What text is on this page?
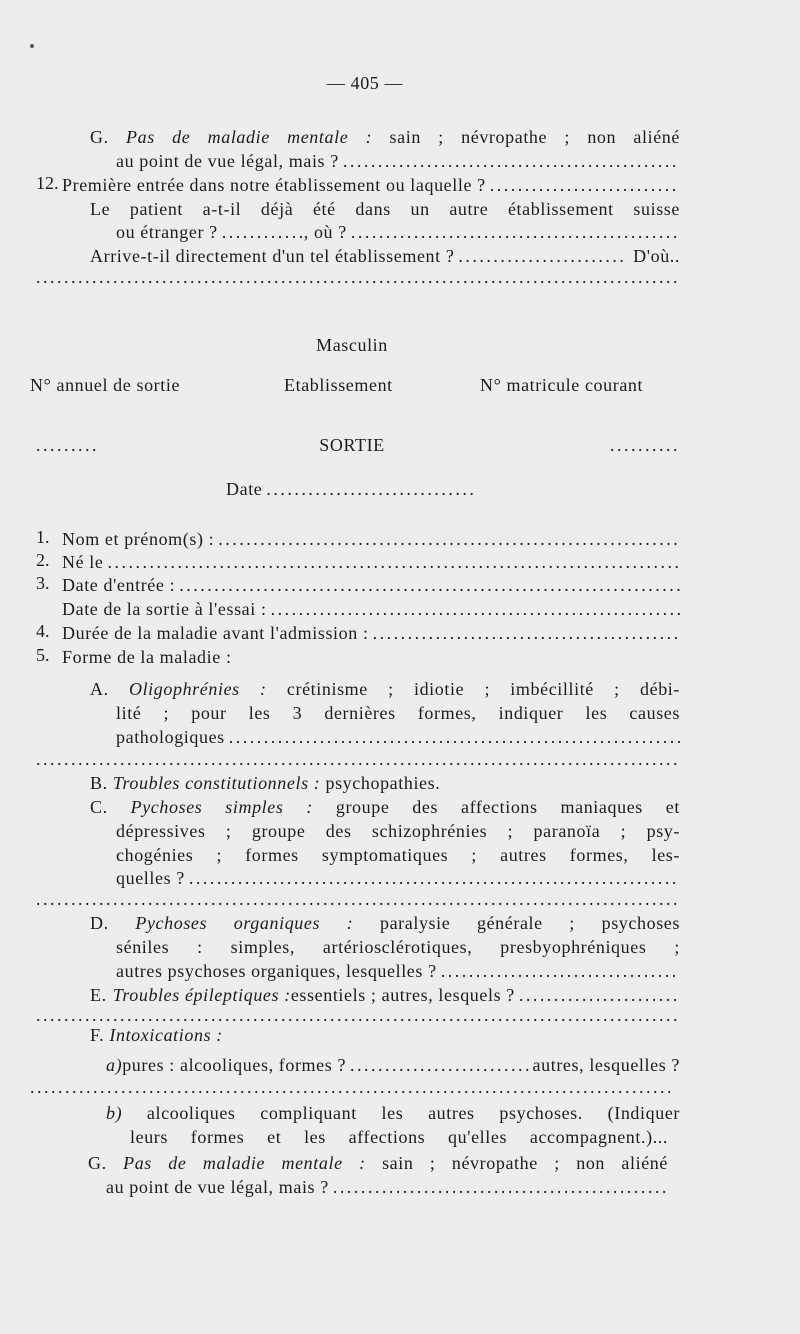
— 405 —
G. Pas de maladie mentale : sain ; névropathe ; non aliéné
au point de vue légal, mais ?
. . .
12. Première entrée dans notre établissement ou laquelle ?
. . .
Le patient a-t-il déjà été dans un autre établissement suisse
ou étranger ? . . .	, où ?
. . .
Arrive-t-il directement d'un tel établissement ? . . .	D'où..
. . .
Masculin
N° annuel de sortie	Etablissement	N° matricule courant
. . .
SORTIE
. . .
Date
. . .
1. Nom et prénom(s) :
. . .
2. Né le
. . .
3. Date d'entrée :
. . .
Date de la sortie à l'essai :
. . .
4. Durée de la maladie avant l'admission :
. . .
5. Forme de la maladie :
A. Oligophrénies : crétinisme ; idiotie ; imbécillité ; débi-
lité ; pour les 3 dernières formes, indiquer les causes
pathologiques
. . .
. . .
B. Troubles constitutionnels : psychopathies.
C. Pychoses simples : groupe des affections maniaques et
dépressives ; groupe des schizophrénies ; paranoïa ; psy-
chogénies ; formes symptomatiques ; autres formes, les-
quelles ?
. . .
. . .
D. Pychoses organiques : paralysie générale ; psychoses
séniles : simples, artériosclérotiques, presbyophréniques ;
autres psychoses organiques, lesquelles ?
. . .
E. Troubles épileptiques : essentiels ; autres, lesquels ?
. . .
. . .
F. Intoxications :
a) pures : alcooliques, formes ? . . .	autres, lesquelles ?
. . .
b) alcooliques compliquant les autres psychoses. (Indiquer
leurs formes et les affections qu'elles accompagnent.)...
G. Pas de maladie mentale : sain ; névropathe ; non aliéné
au point de vue légal, mais ?
. . .
